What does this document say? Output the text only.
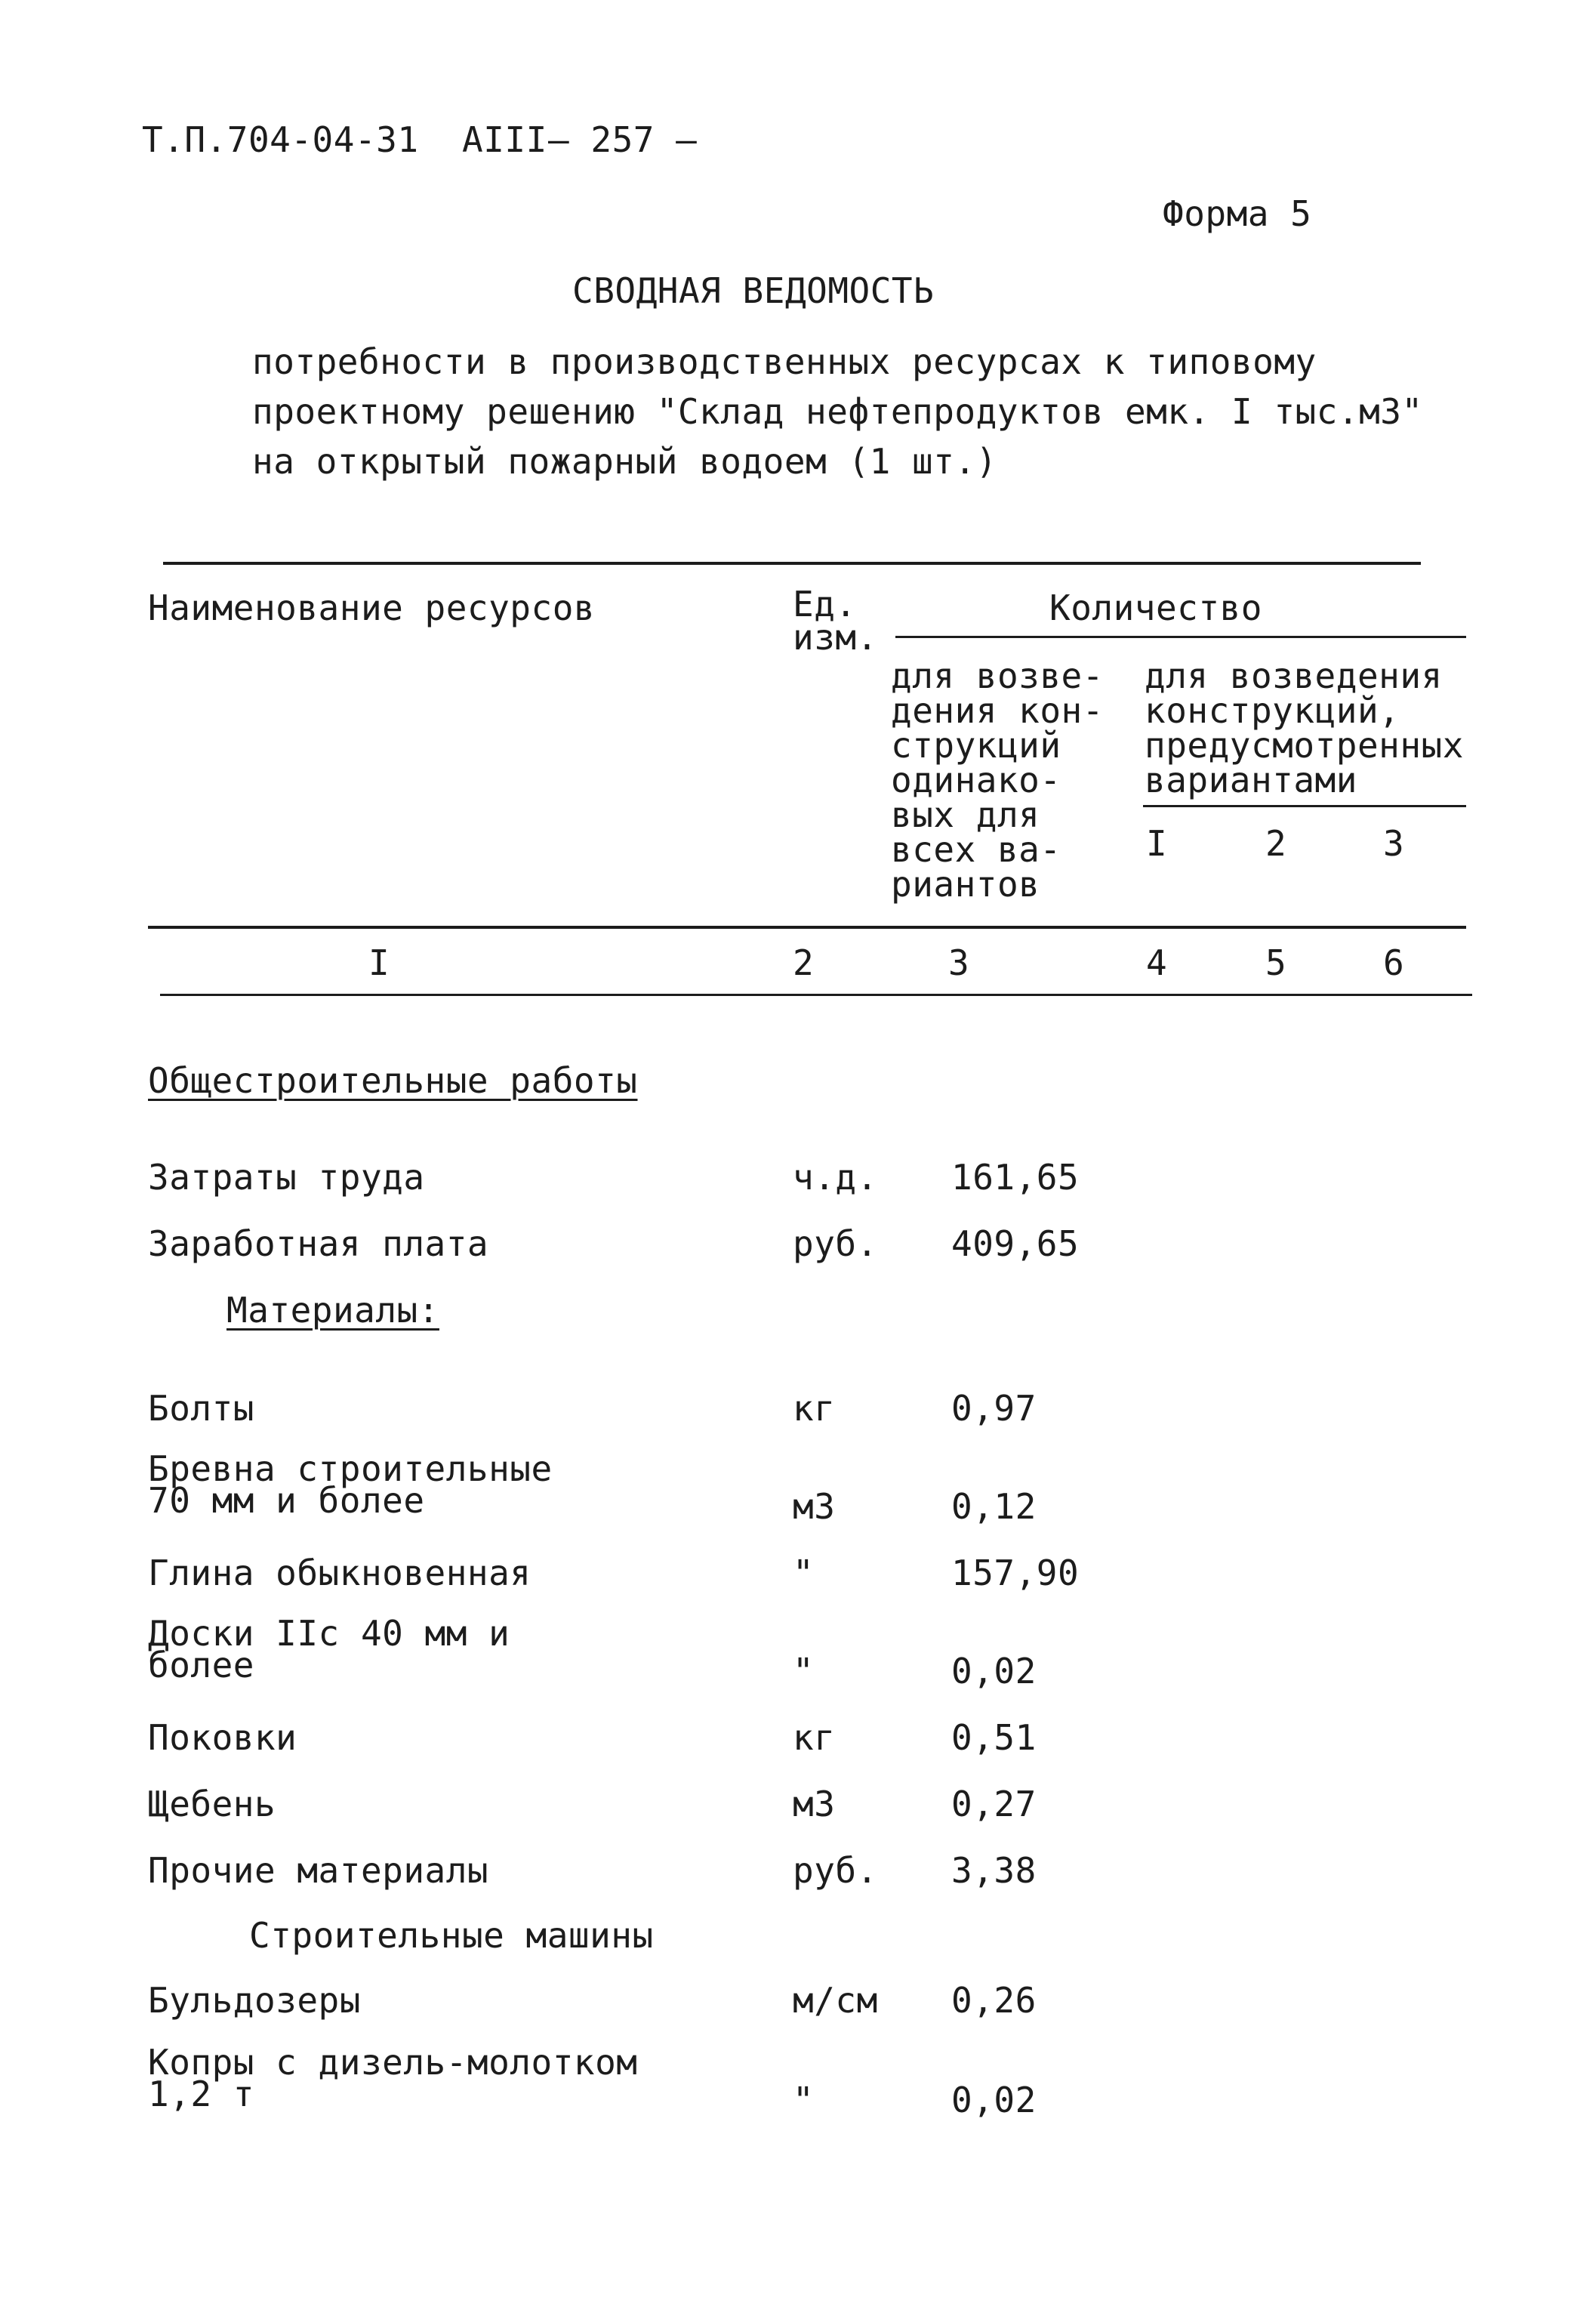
Т.П.704-04-31 АIII — 257 —
Форма 5
СВОДНАЯ ВЕДОМОСТЬ
потребности в производственных ресурсах к типовому
проектному решению "Склад нефтепродуктов емк. I тыс.м3"
на открытый пожарный водоем (1 шт.)
Наименование ресурсов	Ед.
изм.
Количество
для возве-
дения кон-
струкций
одинако-
вых для
всех ва-
риантов
для возведения
конструкций,
предусмотренных
вариантами
I	2	3
I	2	3	4	5	6
Общестроительные работы
Затраты труда	ч.д. 161,65
Заработная плата	руб. 409,65
Материалы:
Болты	кг	0,97
Бревна строительные
70 мм и более	м3	0,12
Глина обыкновенная	"	157,90
Доски IIс 40 мм и
более	"	0,02
Поковки	кг	0,51
Щебень	м3	0,27
Прочие материалы	руб. 3,38
Строительные машины
Бульдозеры	м/см 0,26
Копры с дизель-молотком
1,2 т	"	0,02
